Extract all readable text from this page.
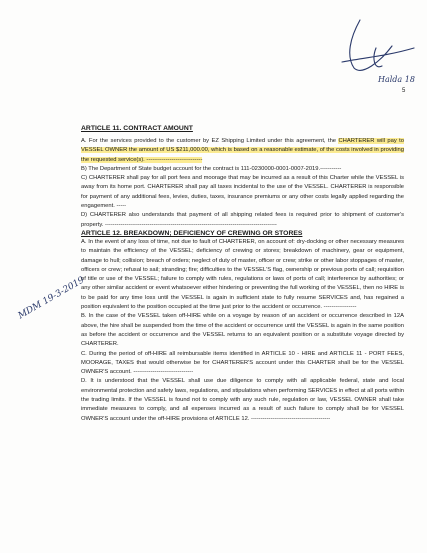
Halda 18
5
MDM 19-3-2019
ARTICLE 11. CONTRACT AMOUNT

A. For the services provided to the customer by EZ Shipping Limited under this agreement, the CHARTERER will pay to VESSEL OWNER the amount of US $211,000.00, which is based on a reasonable estimate, of the costs involved in providing the requested service(s). -----------------------------

B) The Department of State budget account for the contract is 111-0230000-0001-0007-2019.-----------

C) CHARTERER shall pay for all port fees and moorage that may be incurred as a result of this Charter while the VESSEL is away from its home port. CHARTERER shall pay all taxes incidental to the use of the VESSEL. CHARTERER is responsible for payment of any additional fees, levies, duties, taxes, insurance premiums or any other costs legally applied regarding the engagement. -----

D) CHARTERER also understands that payment of all shipping related fees is required prior to shipment of customer's property. -----------------------------------------------------------------------------------------

ARTICLE 12. BREAKDOWN; DEFICIENCY OF CREWING OR STORES

A. In the event of any loss of time, not due to fault of CHARTERER, on account of: dry-docking or other necessary measures to maintain the efficiency of the VESSEL; deficiency of crewing or stores; breakdown of machinery, gear or equipment, damage to hull; collision; breach of orders; neglect of duty of master, officer or crew; strike or other labor stoppages of master, officers or crew; refusal to sail; stranding; fire; difficulties to the VESSEL'S flag, ownership or previous ports of call; requisition of title or use of the VESSEL; failure to comply with rules, regulations or laws of ports of call; interference by authorities; or any other similar accident or event whatsoever either hindering or preventing the full working of the VESSEL, then no HIRE is to be paid for any time loss until the VESSEL is again in sufficient state to fully resume SERVICES and, has regained a position equivalent to the position occupied at the time just prior to the accident or occurrence. -----------------

B. In the case of the VESSEL taken off-HIRE while on a voyage by reason of an accident or occurrence described in 12A above, the hire shall be suspended from the time of the accident or occurrence until the VESSEL is again in the same position as before the accident or occurrence and the VESSEL returns to an equivalent position or a substitute voyage directed by CHARTERER.

C. During the period of off-HIRE all reimbursable items identified in ARTICLE 10 - HIRE and ARTICLE 11 - PORT FEES, MOORAGE, TAXES that would otherwise be for CHARTERER'S account under this CHARTER shall be for the VESSEL OWNER'S account. -------------------------------

D. It is understood that the VESSEL shall use due diligence to comply with all applicable federal, state and local environmental protection and safety laws, regulations, and stipulations when performing SERVICES in effect at all ports within the trading limits. If the VESSEL is found not to comply with any such rule, regulation or law, VESSEL OWNER shall take immediate measures to comply, and all expenses incurred as a result of such failure to comply shall be for VESSEL OWNER'S account under the off-HIRE provisions of ARTICLE 12. -----------------------------------------
